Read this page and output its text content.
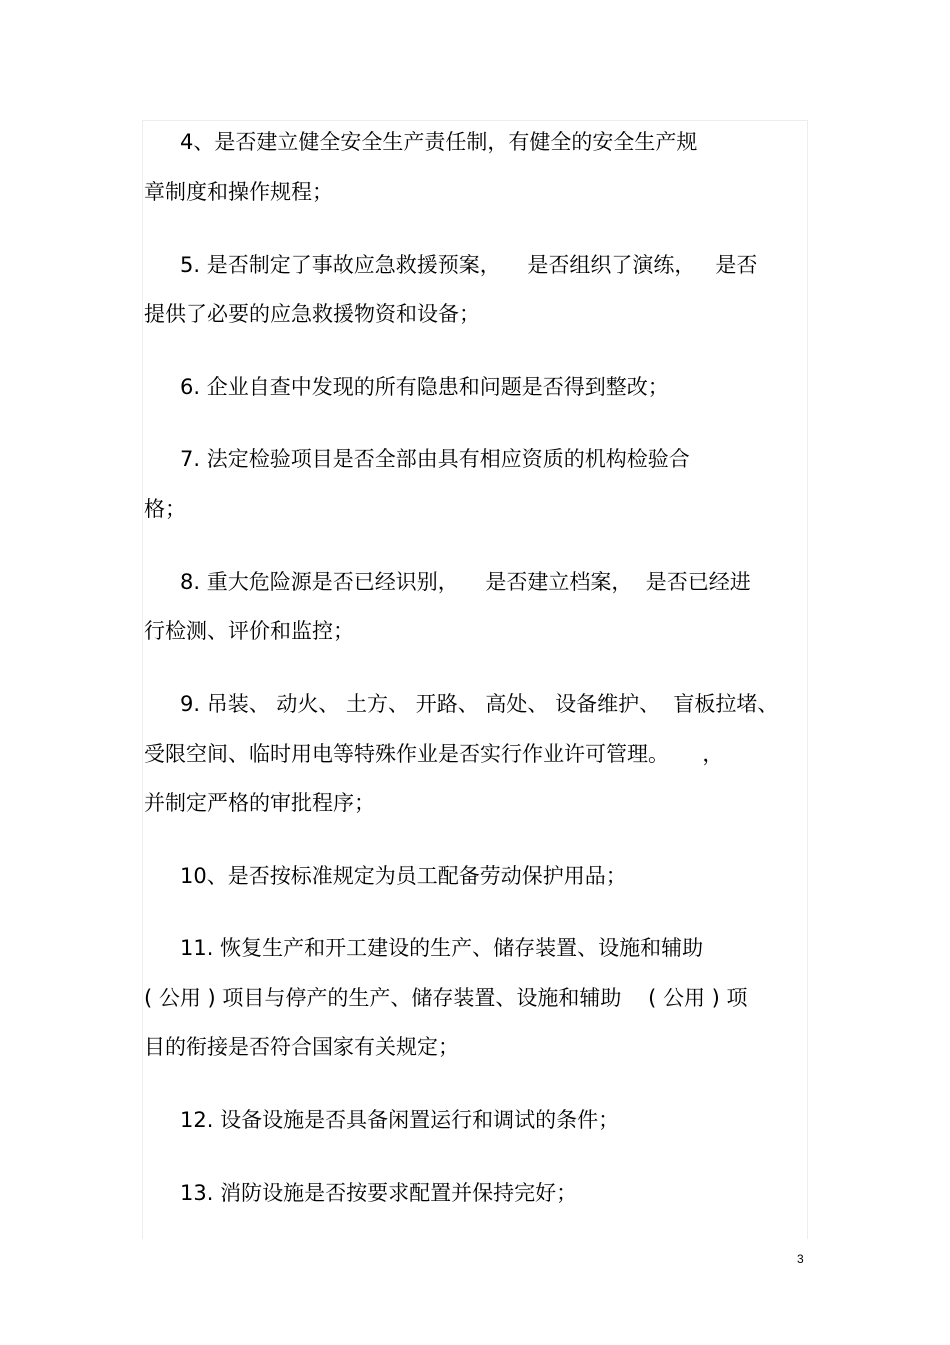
4、是否建立健全安全生产责任制，有健全的安全生产规
章制度和操作规程；
5. 是否制定了事故应急救援预案，    是否组织了演练，   是否
提供了必要的应急救援物资和设备；
6. 企业自查中发现的所有隐患和问题是否得到整改；
7. 法定检验项目是否全部由具有相应资质的机构检验合
格；
8. 重大危险源是否已经识别，    是否建立档案，  是否已经进
行检测、评价和监控；
9. 吊装、 动火、 土方、 开路、 高处、 设备维护、  盲板拉堵、
受限空间、临时用电等特殊作业是否实行作业许可管理。     ，
并制定严格的审批程序；
10、是否按标准规定为员工配备劳动保护用品；
11. 恢复生产和开工建设的生产、储存装置、设施和辅助
( 公用 ) 项目与停产的生产、储存装置、设施和辅助    ( 公用 ) 项
目的衔接是否符合国家有关规定；
12. 设备设施是否具备闲置运行和调试的条件；
13. 消防设施是否按要求配置并保持完好；
3
